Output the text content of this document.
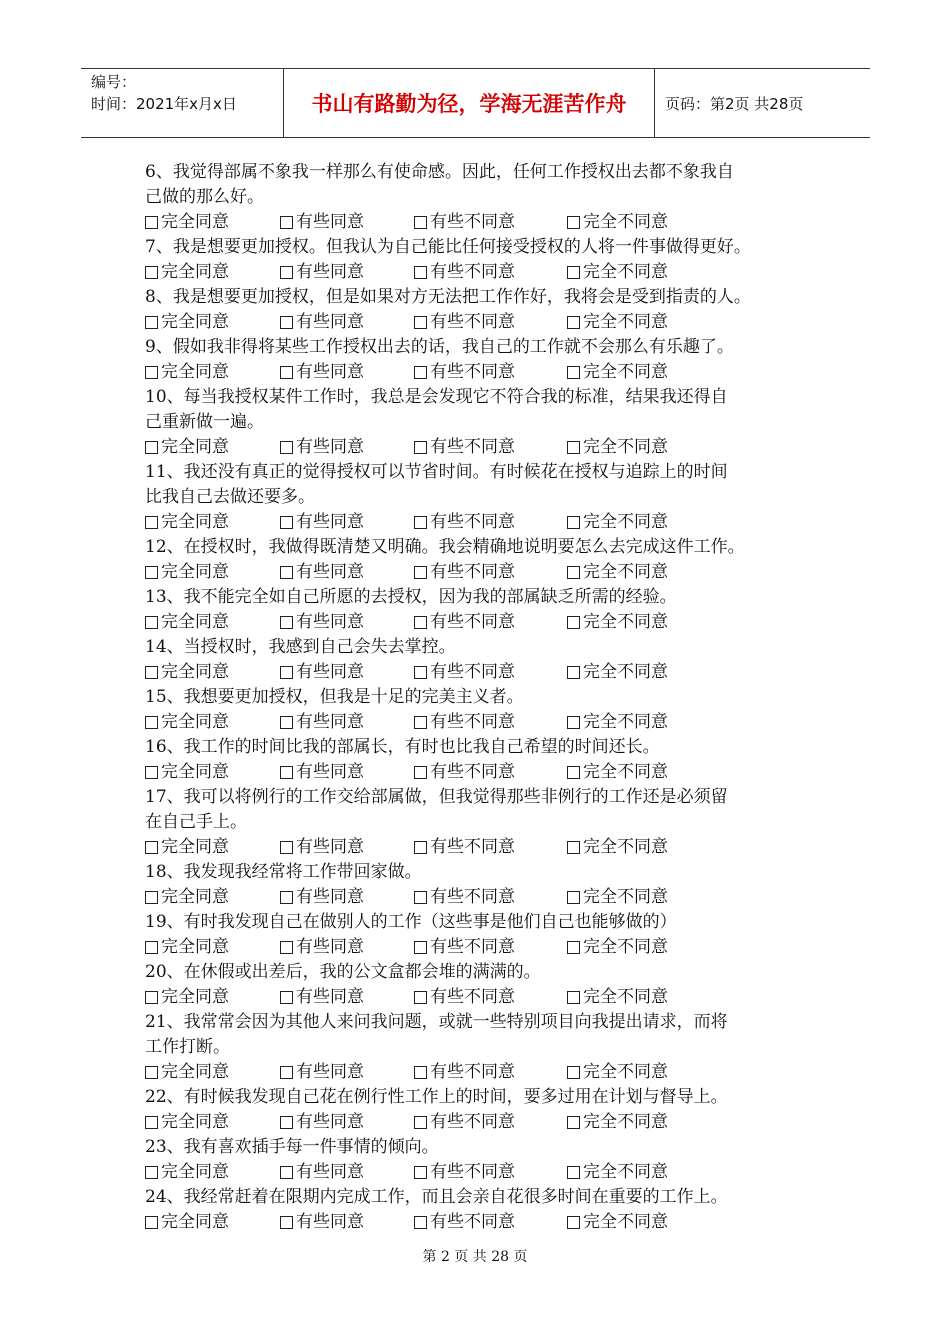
编号：
时间：2021年x月x日	书山有路勤为径，学海无涯苦作舟	页码：第2页 共28页
6、我觉得部属不象我一样那么有使命感。因此，任何工作授权出去都不象我自
己做的那么好。
完全同意	有些同意	有些不同意	完全不同意
7、我是想要更加授权。但我认为自己能比任何接受授权的人将一件事做得更好。
完全同意	有些同意	有些不同意	完全不同意
8、我是想要更加授权，但是如果对方无法把工作作好，我将会是受到指责的人。
完全同意	有些同意	有些不同意	完全不同意
9、假如我非得将某些工作授权出去的话，我自己的工作就不会那么有乐趣了。
完全同意	有些同意	有些不同意	完全不同意
10、每当我授权某件工作时，我总是会发现它不符合我的标准，结果我还得自
己重新做一遍。
完全同意	有些同意	有些不同意	完全不同意
11、我还没有真正的觉得授权可以节省时间。有时候花在授权与追踪上的时间
比我自己去做还要多。
完全同意	有些同意	有些不同意	完全不同意
12、在授权时，我做得既清楚又明确。我会精确地说明要怎么去完成这件工作。
完全同意	有些同意	有些不同意	完全不同意
13、我不能完全如自己所愿的去授权，因为我的部属缺乏所需的经验。
完全同意	有些同意	有些不同意	完全不同意
14、当授权时，我感到自己会失去掌控。
完全同意	有些同意	有些不同意	完全不同意
15、我想要更加授权，但我是十足的完美主义者。
完全同意	有些同意	有些不同意	完全不同意
16、我工作的时间比我的部属长，有时也比我自己希望的时间还长。
完全同意	有些同意	有些不同意	完全不同意
17、我可以将例行的工作交给部属做，但我觉得那些非例行的工作还是必须留
在自己手上。
完全同意	有些同意	有些不同意	完全不同意
18、我发现我经常将工作带回家做。
完全同意	有些同意	有些不同意	完全不同意
19、有时我发现自己在做别人的工作（这些事是他们自己也能够做的）
完全同意	有些同意	有些不同意	完全不同意
20、在休假或出差后，我的公文盒都会堆的满满的。
完全同意	有些同意	有些不同意	完全不同意
21、我常常会因为其他人来问我问题，或就一些特别项目向我提出请求，而将
工作打断。
完全同意	有些同意	有些不同意	完全不同意
22、有时候我发现自己花在例行性工作上的时间，要多过用在计划与督导上。
完全同意	有些同意	有些不同意	完全不同意
23、我有喜欢插手每一件事情的倾向。
完全同意	有些同意	有些不同意	完全不同意
24、我经常赶着在限期内完成工作，而且会亲自花很多时间在重要的工作上。
完全同意	有些同意	有些不同意	完全不同意
第 2 页 共 28 页
